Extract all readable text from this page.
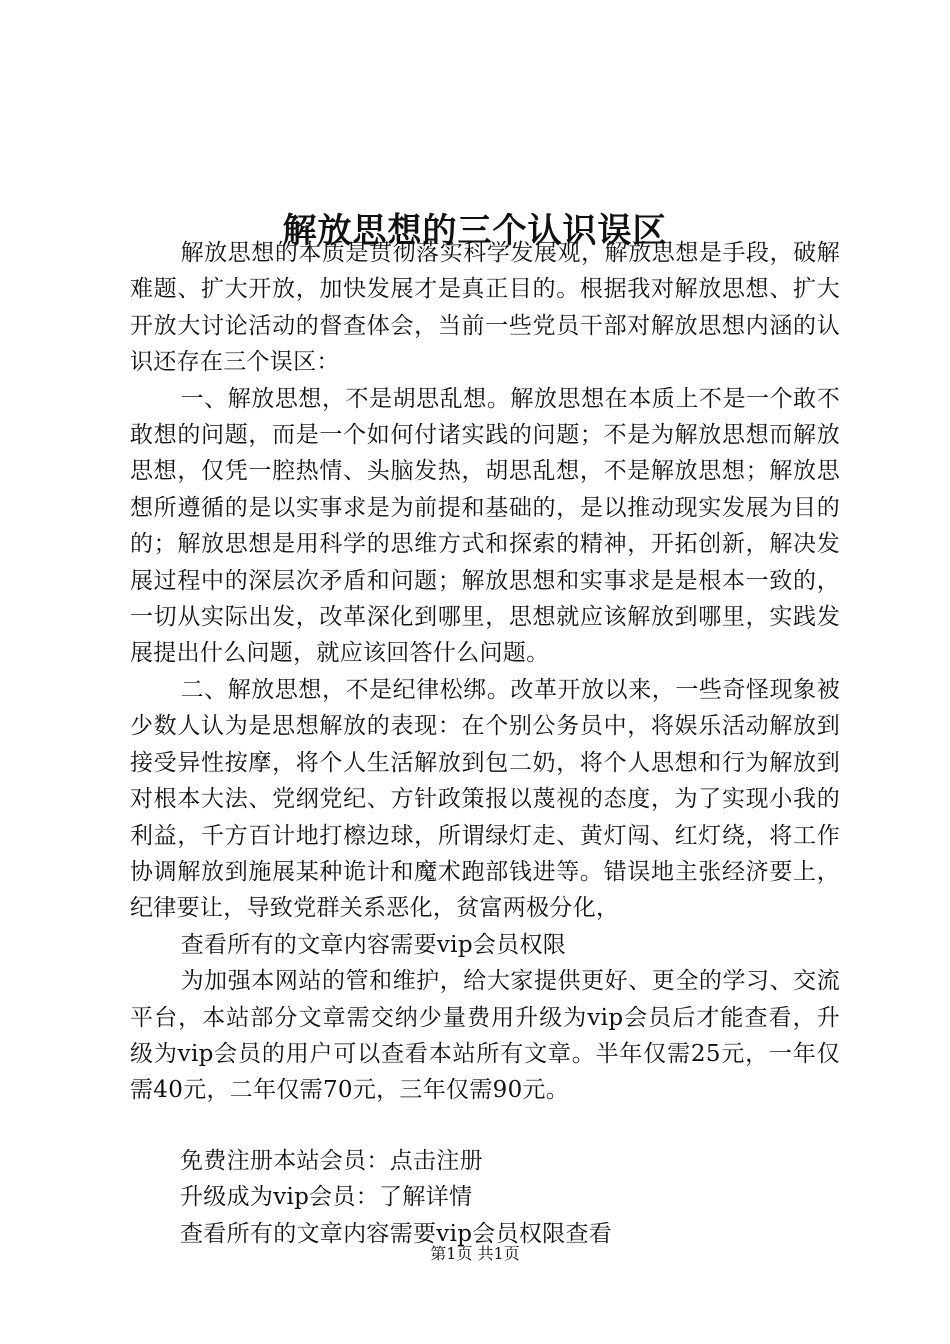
解放思想的三个认识误区

解放思想的本质是贯彻落实科学发展观，解放思想是手段，破解难题、扩大开放，加快发展才是真正目的。根据我对解放思想、扩大开放大讨论活动的督查体会，当前一些党员干部对解放思想内涵的认识还存在三个误区：

一、解放思想，不是胡思乱想。解放思想在本质上不是一个敢不敢想的问题，而是一个如何付诸实践的问题；不是为解放思想而解放思想，仅凭一腔热情、头脑发热，胡思乱想，不是解放思想；解放思想所遵循的是以实事求是为前提和基础的，是以推动现实发展为目的的；解放思想是用科学的思维方式和探索的精神，开拓创新，解决发展过程中的深层次矛盾和问题；解放思想和实事求是是根本一致的，一切从实际出发，改革深化到哪里，思想就应该解放到哪里，实践发展提出什么问题，就应该回答什么问题。

二、解放思想，不是纪律松绑。改革开放以来，一些奇怪现象被少数人认为是思想解放的表现：在个别公务员中，将娱乐活动解放到接受异性按摩，将个人生活解放到包二奶，将个人思想和行为解放到对根本大法、党纲党纪、方针政策报以蔑视的态度，为了实现小我的利益，千方百计地打檫边球，所谓绿灯走、黄灯闯、红灯绕，将工作协调解放到施展某种诡计和魔术跑部钱进等。错误地主张经济要上，纪律要让，导致党群关系恶化，贫富两极分化，

查看所有的文章内容需要vip会员权限

为加强本网站的管和维护，给大家提供更好、更全的学习、交流平台，本站部分文章需交纳少量费用升级为vip会员后才能查看，升级为vip会员的用户可以查看本站所有文章。半年仅需25元，一年仅需40元，二年仅需70元，三年仅需90元。

免费注册本站会员：点击注册

升级成为vip会员：了解详情

查看所有的文章内容需要vip会员权限查看

第1页 共1页
